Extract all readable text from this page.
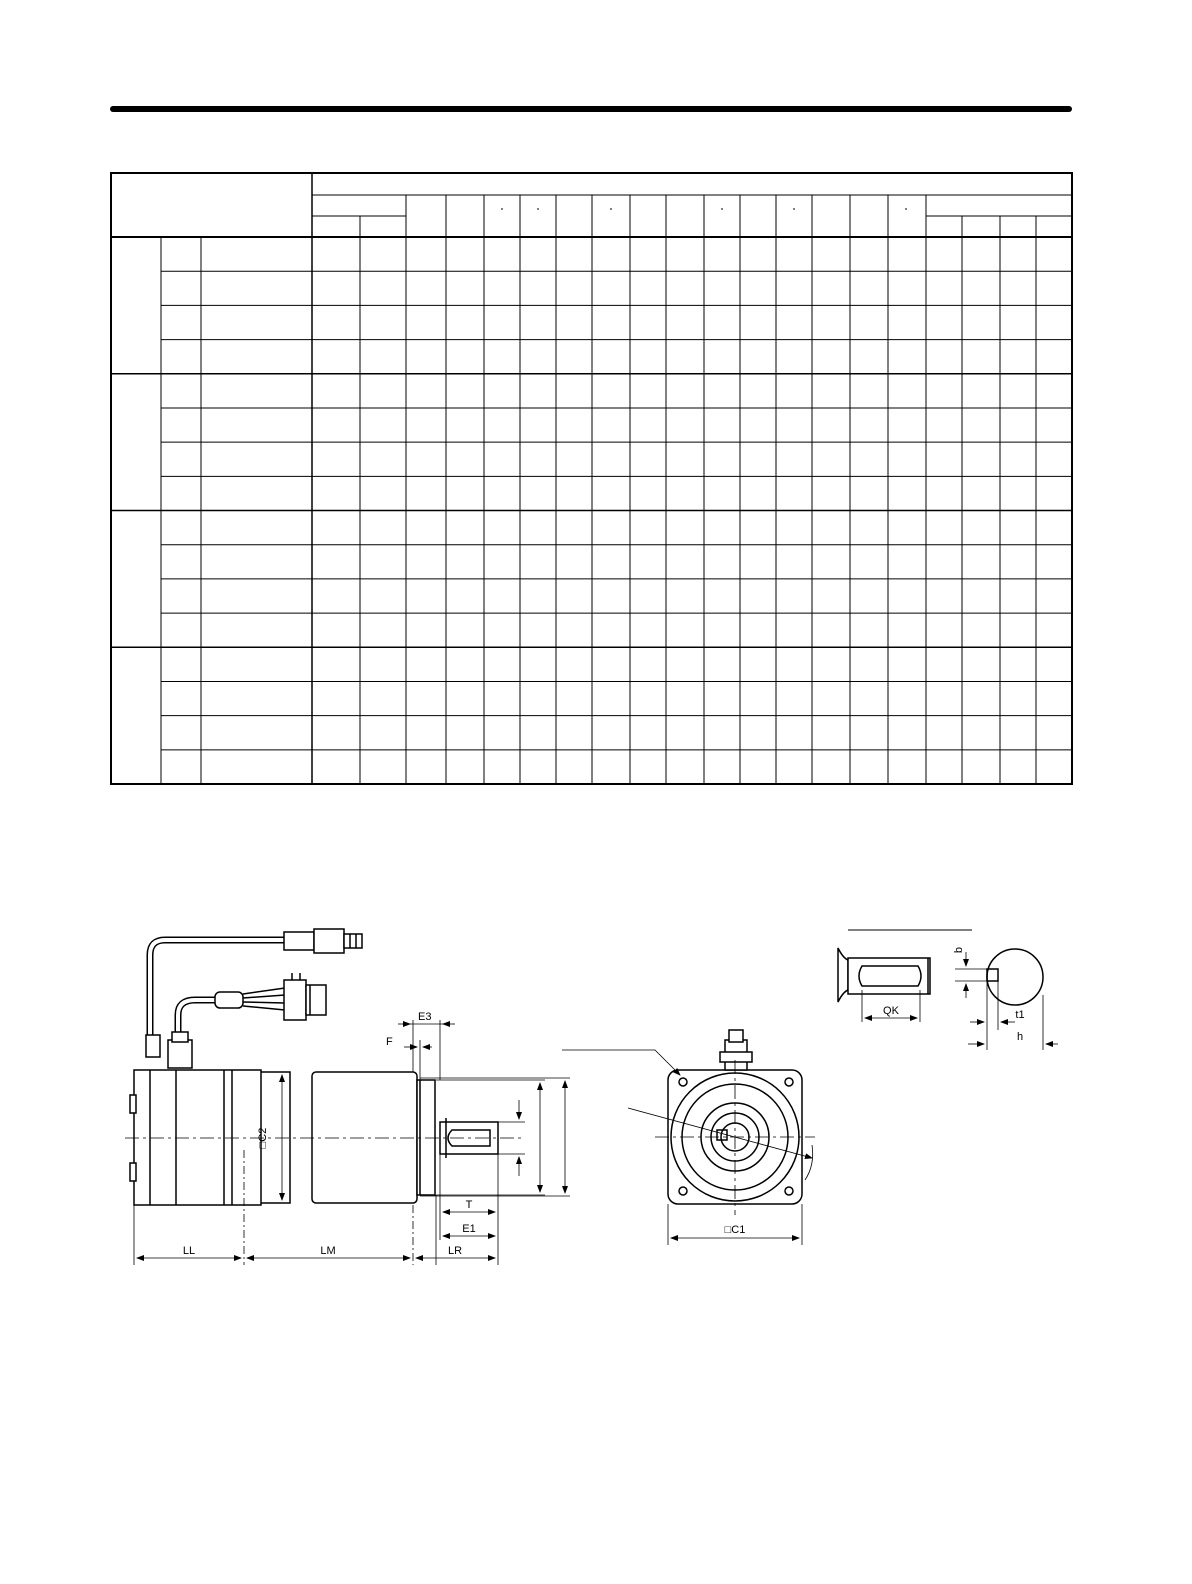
E3
F
□C2
T
E1
LL	LM	LR
□C1
QK
b
t1
h
